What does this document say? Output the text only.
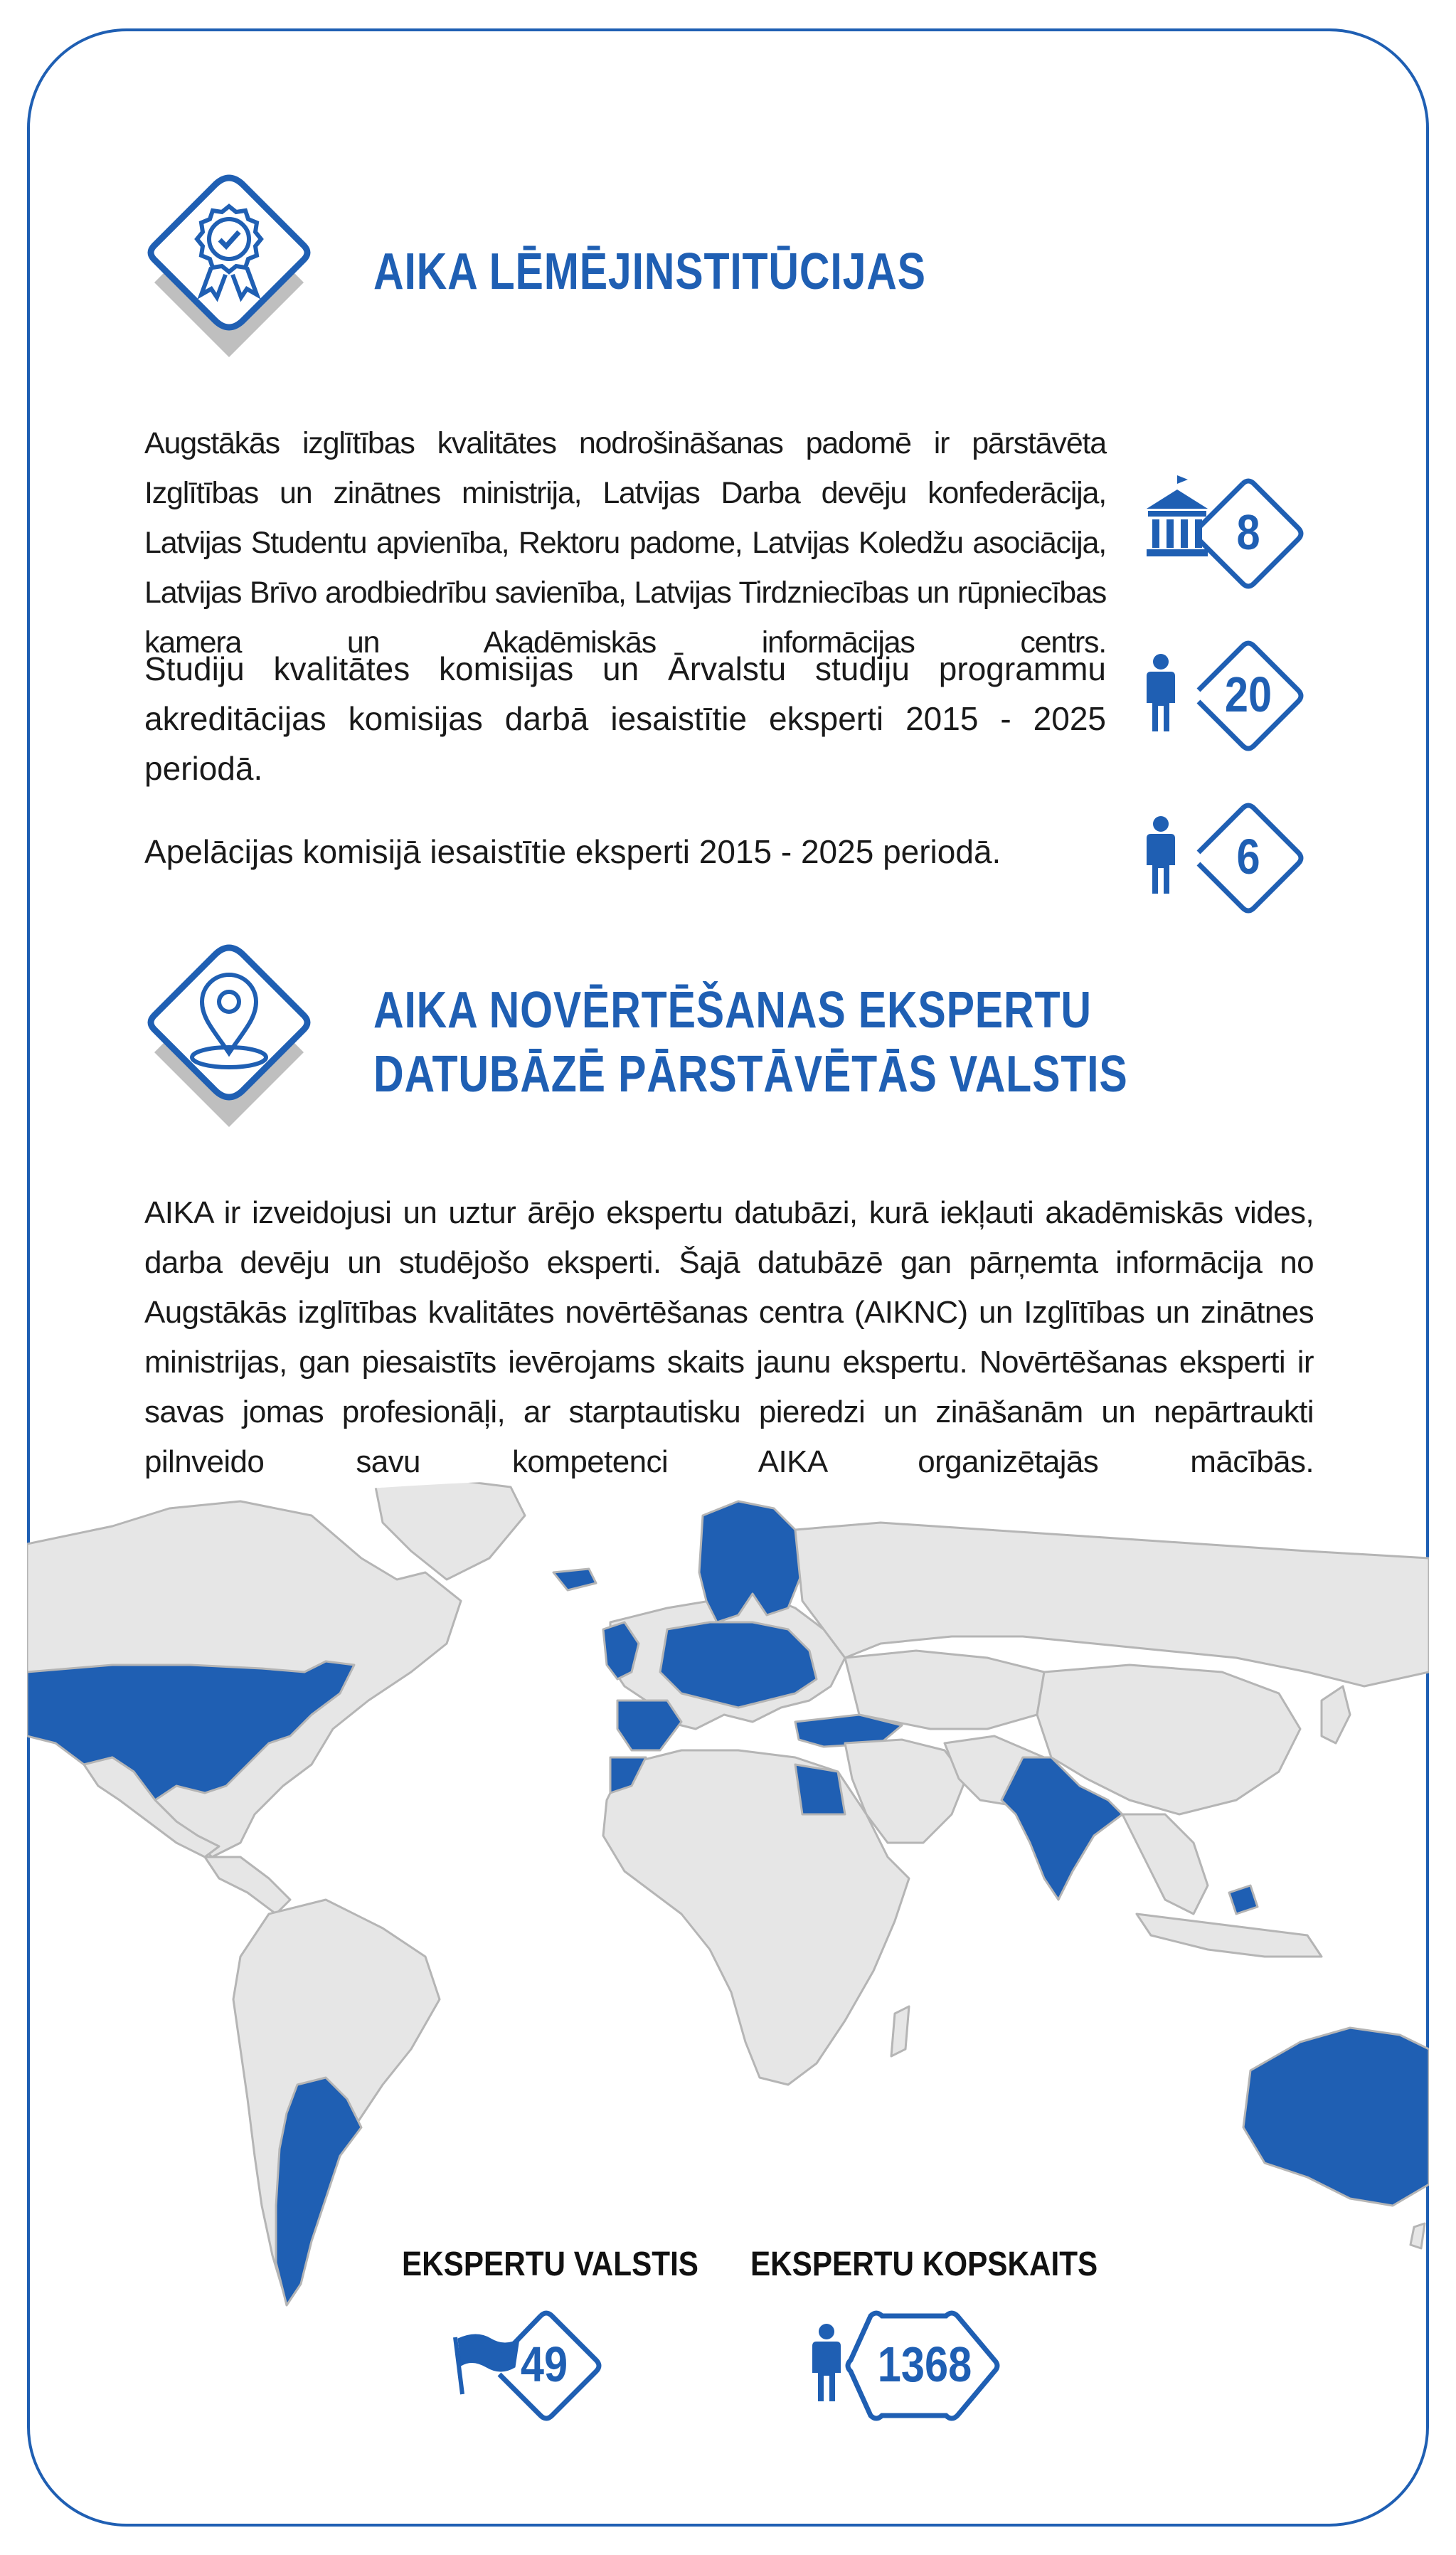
AIKA LĒMĒJINSTITŪCIJAS
Augstākās izglītības kvalitātes nodrošināšanas padomē ir pārstāvēta Izglītības un zinātnes ministrija, Latvijas Darba devēju konfederācija, Latvijas Studentu apvienība, Rektoru padome, Latvijas Koledžu asociācija, Latvijas Brīvo arodbiedrību savienība, Latvijas Tirdzniecības un rūpniecības kamera un Akadēmiskās informācijas centrs.
Studiju kvalitātes komisijas un Ārvalstu studiju programmu akreditācijas komisijas darbā iesaistītie eksperti 2015 - 2025 periodā.
Apelācijas komisijā iesaistītie eksperti 2015 - 2025 periodā.
8
20
6
AIKA NOVĒRTĒŠANAS EKSPERTU
DATUBĀZĒ PĀRSTĀVĒTĀS VALSTIS
AIKA ir izveidojusi un uztur ārējo ekspertu datubāzi, kurā iekļauti akadēmiskās vides, darba devēju un studējošo eksperti. Šajā datubāzē gan pārņemta informācija no Augstākās izglītības kvalitātes novērtēšanas centra (AIKNC) un Izglītības un zinātnes ministrijas, gan piesaistīts ievērojams skaits jaunu ekspertu. Novērtēšanas eksperti ir savas jomas profesionāļi, ar starptautisku pieredzi un zināšanām un nepārtraukti pilnveido savu kompetenci AIKA organizētajās mācībās.
EKSPERTU VALSTIS EKSPERTU KOPSKAITS
49	1368
